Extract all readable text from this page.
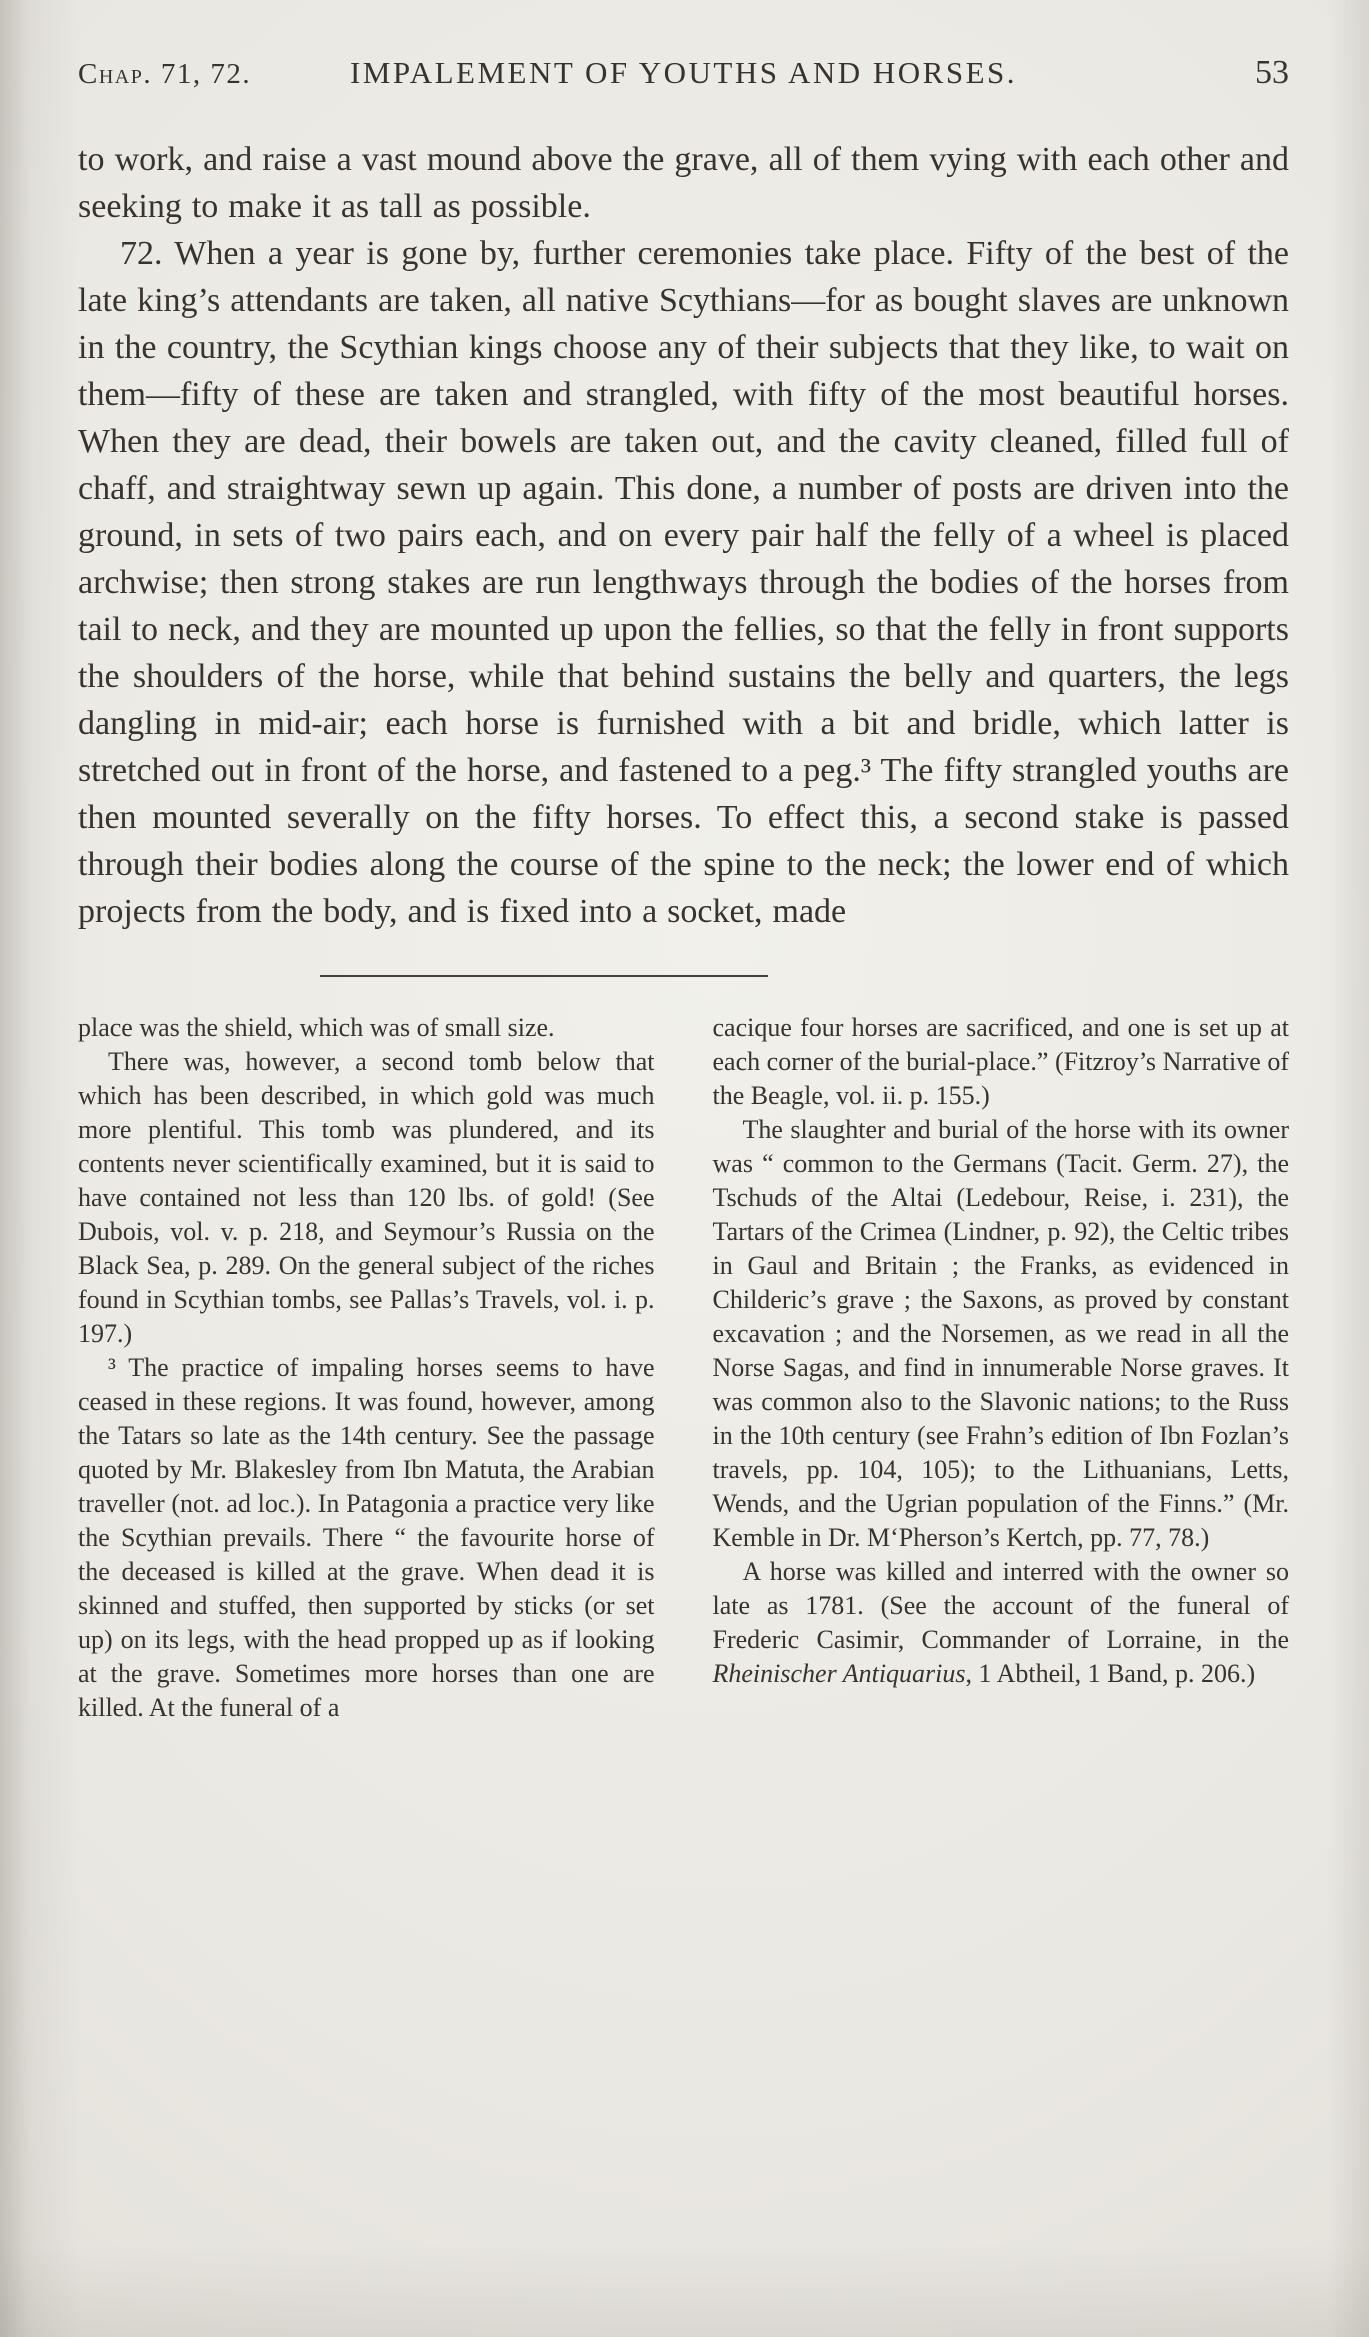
Chap. 71, 72.	IMPALEMENT OF YOUTHS AND HORSES.	53

to work, and raise a vast mound above the grave, all of them vying with each other and seeking to make it as tall as possible.

72. When a year is gone by, further ceremonies take place. Fifty of the best of the late king’s attendants are taken, all native Scythians—for as bought slaves are unknown in the country, the Scythian kings choose any of their subjects that they like, to wait on them—fifty of these are taken and strangled, with fifty of the most beautiful horses. When they are dead, their bowels are taken out, and the cavity cleaned, filled full of chaff, and straightway sewn up again. This done, a number of posts are driven into the ground, in sets of two pairs each, and on every pair half the felly of a wheel is placed archwise; then strong stakes are run lengthways through the bodies of the horses from tail to neck, and they are mounted up upon the fellies, so that the felly in front supports the shoulders of the horse, while that behind sustains the belly and quarters, the legs dangling in mid-air; each horse is furnished with a bit and bridle, which latter is stretched out in front of the horse, and fastened to a peg.³ The fifty strangled youths are then mounted severally on the fifty horses. To effect this, a second stake is passed through their bodies along the course of the spine to the neck; the lower end of which projects from the body, and is fixed into a socket, made

place was the shield, which was of small size.

There was, however, a second tomb below that which has been described, in which gold was much more plentiful. This tomb was plundered, and its contents never scientifically examined, but it is said to have contained not less than 120 lbs. of gold! (See Dubois, vol. v. p. 218, and Seymour’s Russia on the Black Sea, p. 289. On the general subject of the riches found in Scythian tombs, see Pallas’s Travels, vol. i. p. 197.)

³ The practice of impaling horses seems to have ceased in these regions. It was found, however, among the Tatars so late as the 14th century. See the passage quoted by Mr. Blakesley from Ibn Matuta, the Arabian traveller (not. ad loc.). In Patagonia a practice very like the Scythian prevails. There “ the favourite horse of the deceased is killed at the grave. When dead it is skinned and stuffed, then supported by sticks (or set up) on its legs, with the head propped up as if looking at the grave. Sometimes more horses than one are killed. At the funeral of a

cacique four horses are sacrificed, and one is set up at each corner of the burial-place.” (Fitzroy’s Narrative of the Beagle, vol. ii. p. 155.)

The slaughter and burial of the horse with its owner was “ common to the Germans (Tacit. Germ. 27), the Tschuds of the Altai (Ledebour, Reise, i. 231), the Tartars of the Crimea (Lindner, p. 92), the Celtic tribes in Gaul and Britain ; the Franks, as evidenced in Childeric’s grave ; the Saxons, as proved by constant excavation ; and the Norsemen, as we read in all the Norse Sagas, and find in innumerable Norse graves. It was common also to the Slavonic nations; to the Russ in the 10th century (see Frahn’s edition of Ibn Fozlan’s travels, pp. 104, 105); to the Lithuanians, Letts, Wends, and the Ugrian population of the Finns.” (Mr. Kemble in Dr. M‘Pherson’s Kertch, pp. 77, 78.)

A horse was killed and interred with the owner so late as 1781. (See the account of the funeral of Frederic Casimir, Commander of Lorraine, in the Rheinischer Antiquarius, 1 Abtheil, 1 Band, p. 206.)
